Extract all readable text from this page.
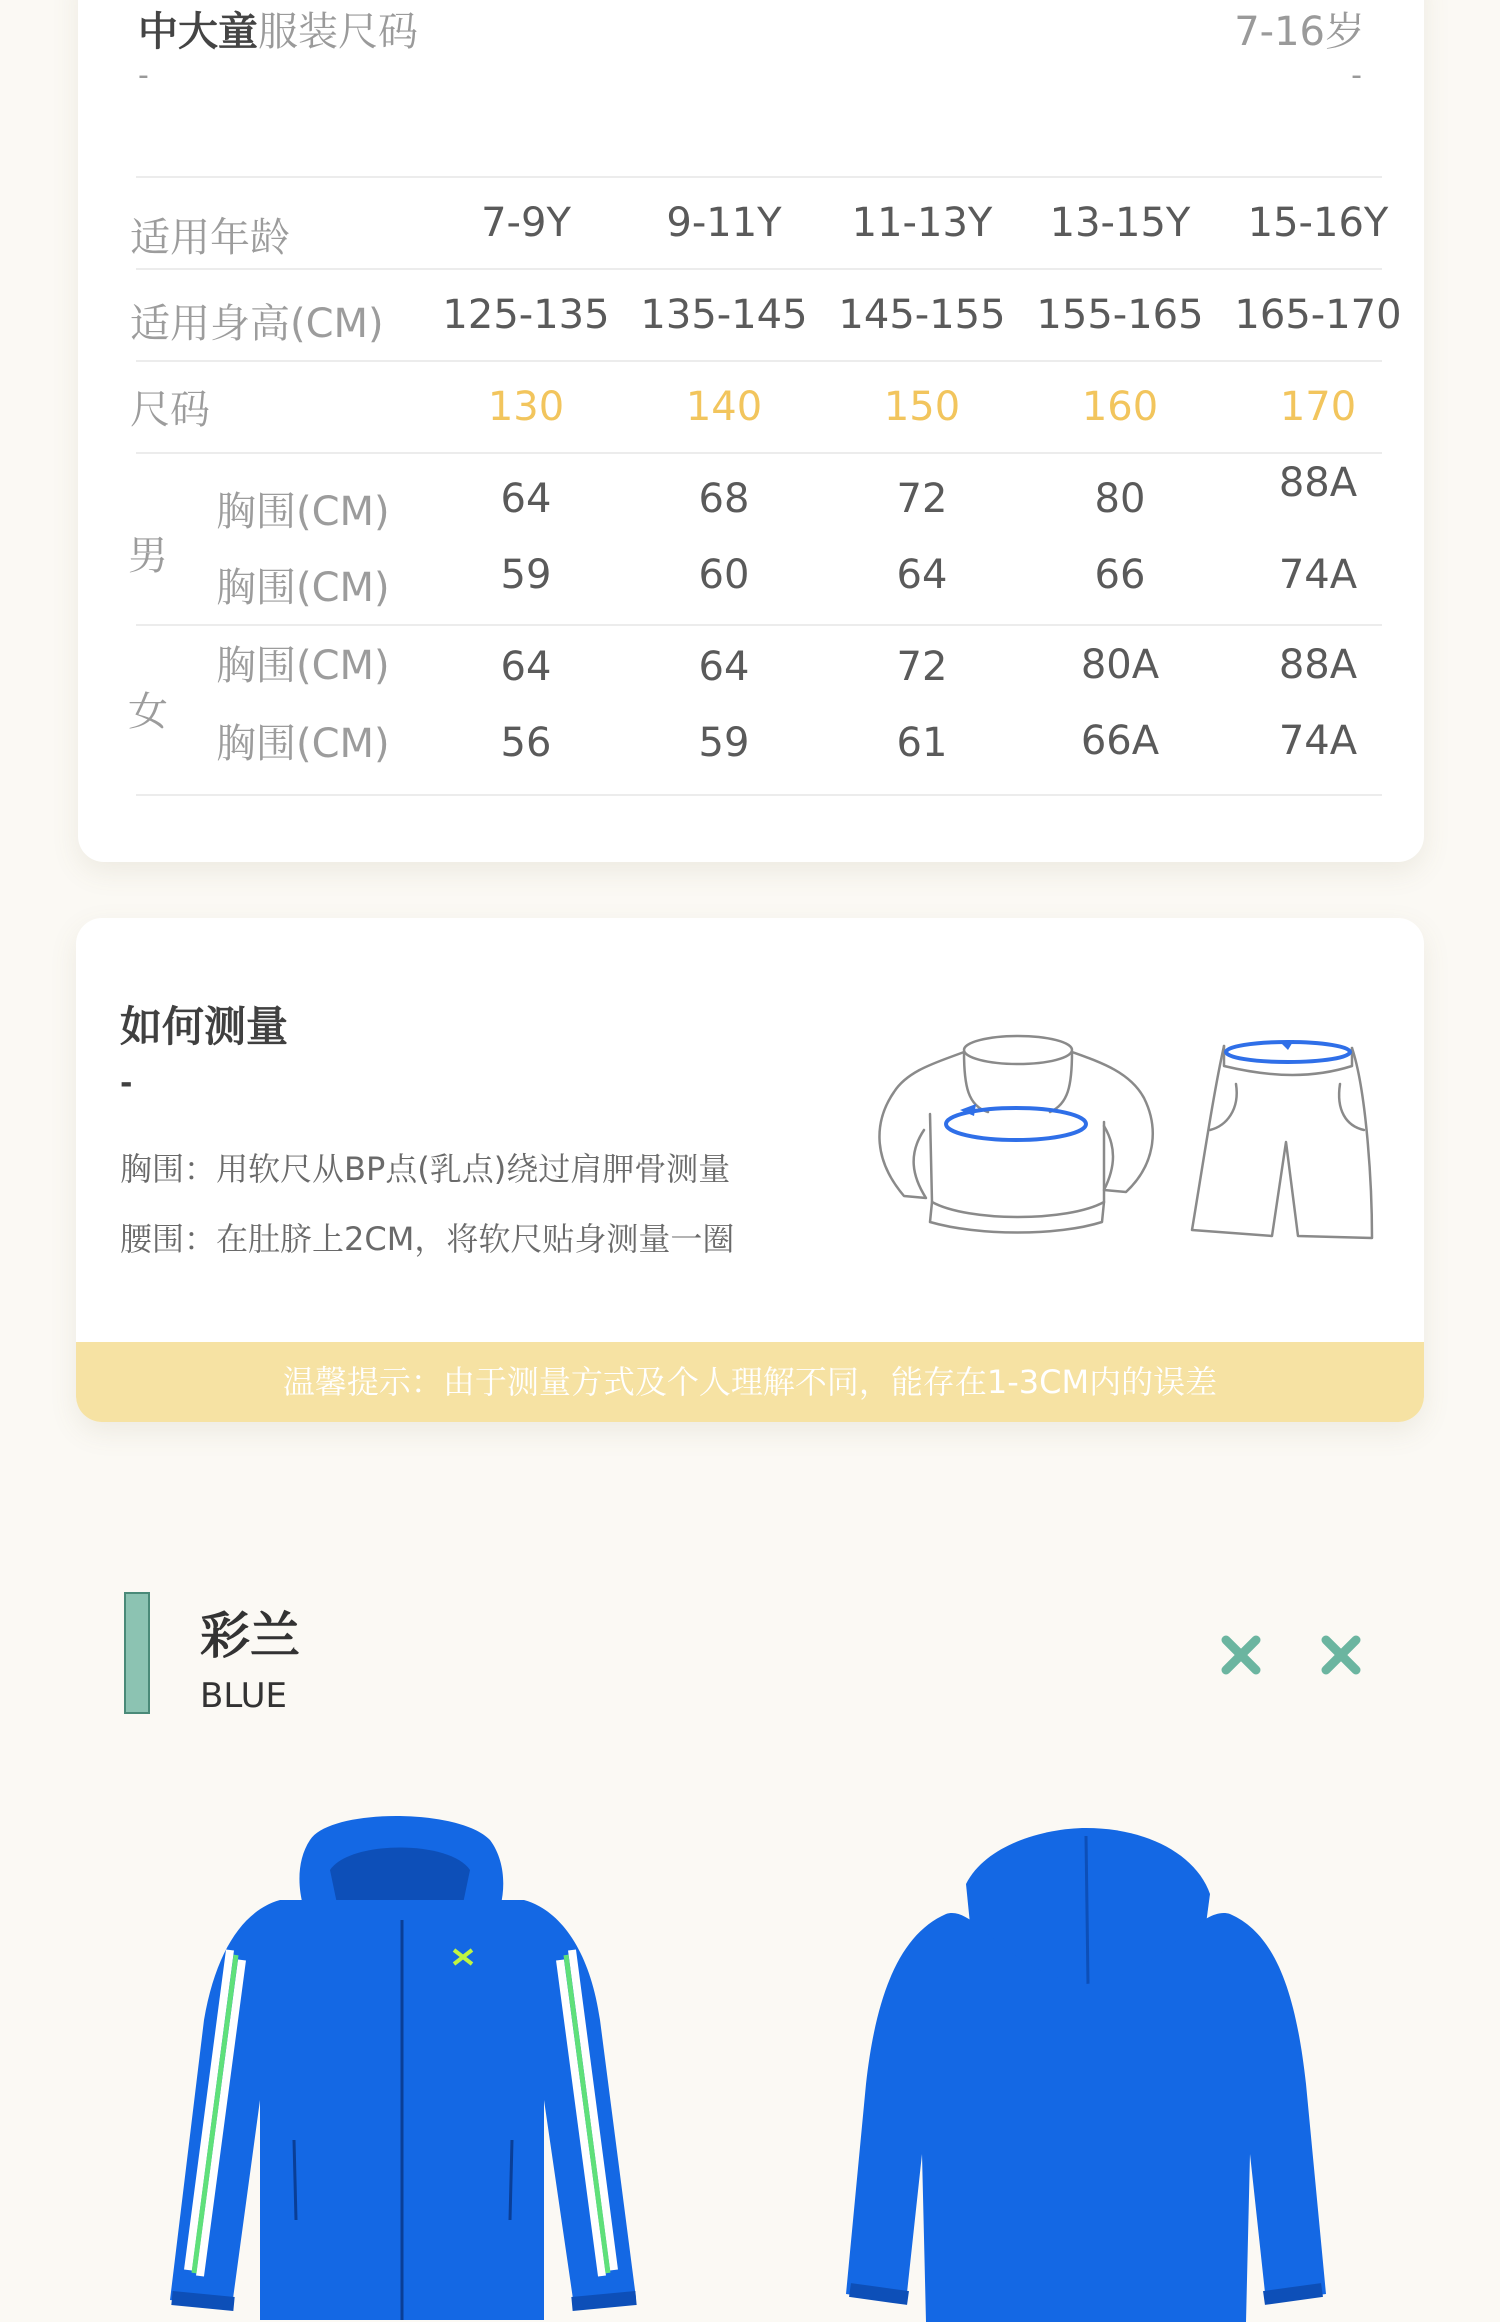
中大童服装尺码	7-16岁
-	-
适用年龄	7-9Y	9-11Y	11-13Y	13-15Y	15-16Y
适用身高(CM) 125-135 135-145 145-155 155-165 165-170
尺码	130	140	150	160	170
男
胸围(CM)	64	68	72	80	88A
胸围(CM)	59	60	64	66	74A
女
胸围(CM)	64	64	72	80A	88A
胸围(CM)	56	59	61	66A	74A
温馨提示：由于测量方式及个人理解不同，能存在1-3CM内的误差
如何测量
-
胸围：用软尺从BP点(乳点)绕过肩胛骨测量
腰围：在肚脐上2CM，将软尺贴身测量一圈
彩兰
BLUE
